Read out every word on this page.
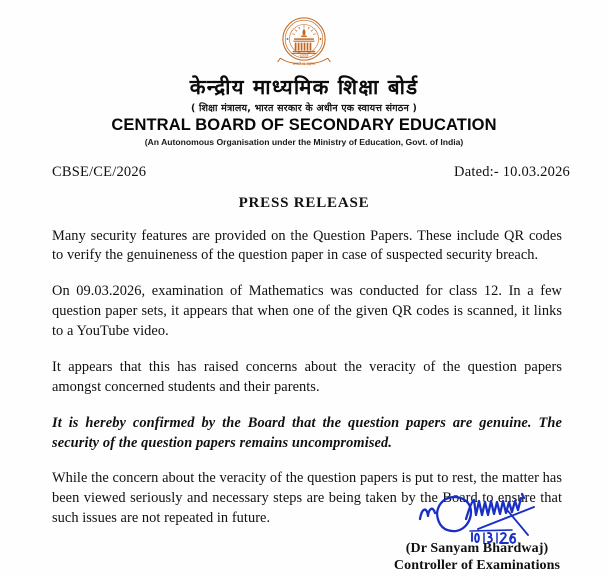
भारत
असतो मा सद्गमय
केन्द्रीय माध्यमिक शिक्षा बोर्ड
( शिक्षा मंत्रालय, भारत सरकार के अधीन एक स्वायत्त संगठन )
CENTRAL BOARD OF SECONDARY EDUCATION
(An Autonomous Organisation under the Ministry of Education, Govt. of India)
CBSE/CE/2026	Dated:- 10.03.2026
PRESS RELEASE

Many security features are provided on the Question Papers. These include QR codes to verify the genuineness of the question paper in case of suspected security breach.

On 09.03.2026, examination of Mathematics was conducted for class 12. In a few question paper sets, it appears that when one of the given QR codes is scanned, it links to a YouTube video.

It appears that this has raised concerns about the veracity of the question papers amongst concerned students and their parents.

It is hereby confirmed by the Board that the question papers are genuine. The security of the question papers remains uncompromised.

While the concern about the veracity of the question papers is put to rest, the matter has been viewed seriously and necessary steps are being taken by the Board to ensure that such issues are not repeated in future.

(Dr Sanyam Bhardwaj)
Controller of Examinations
